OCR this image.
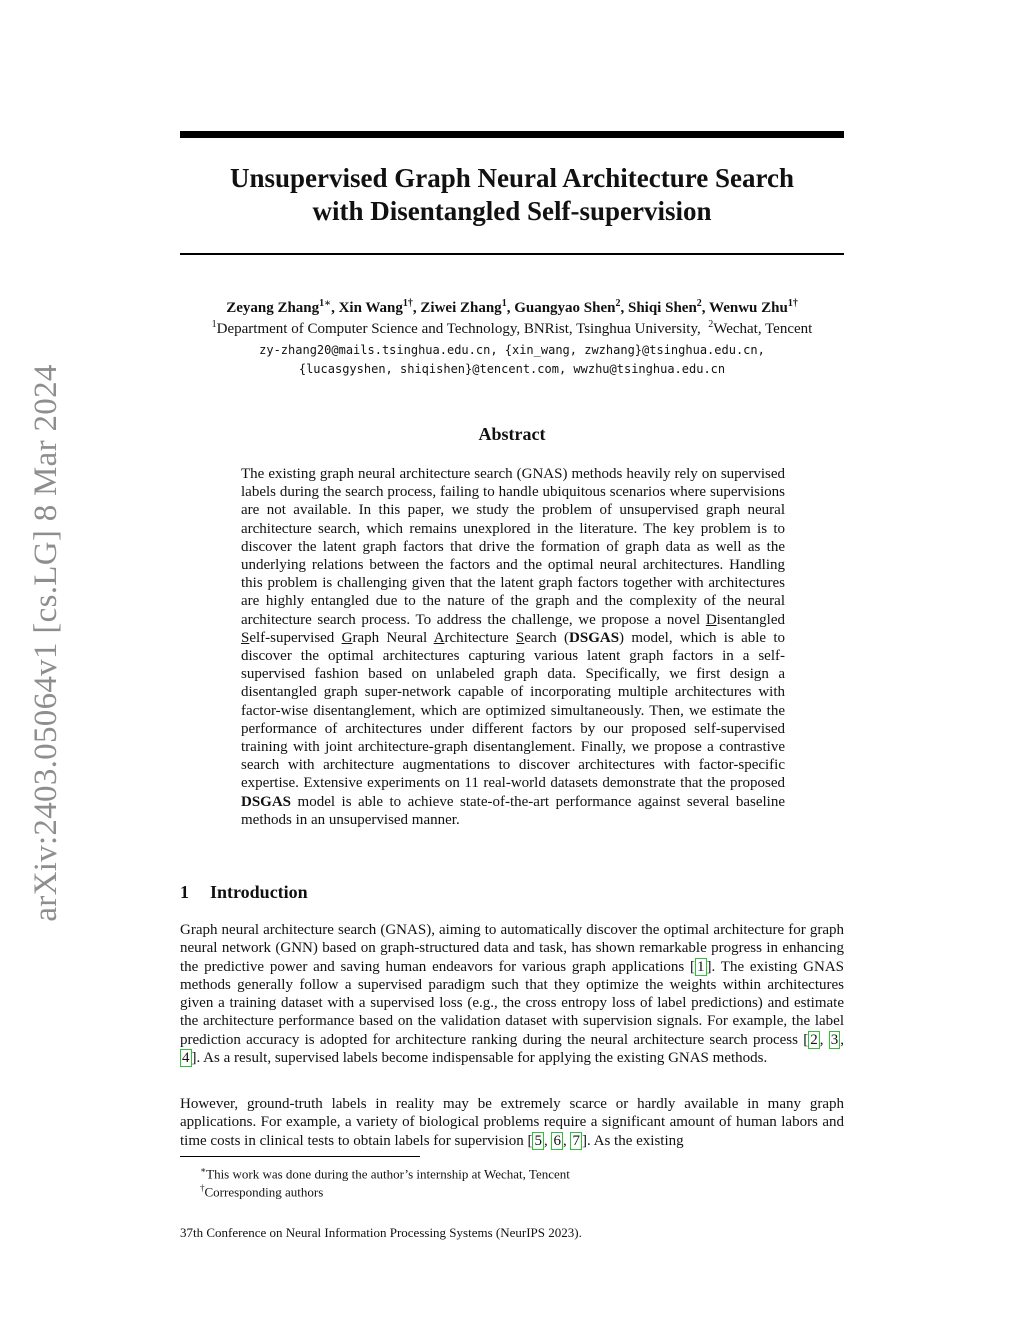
arXiv:2403.05064v1 [cs.LG] 8 Mar 2024
Unsupervised Graph Neural Architecture Search
with Disentangled Self-supervision
Zeyang Zhang$^{1∗}$, Xin Wang$^{1\dagger}$, Ziwei Zhang$^1$, Guangyao Shen$^2$, Shiqi Shen$^2$, Wenwu Zhu$^{1\dagger}$
$^1$Department of Computer Science and Technology, BNRist, Tsinghua University, $^2$Wechat, Tencent
zy-zhang20@mails.tsinghua.edu.cn, {xin_wang, zwzhang}@tsinghua.edu.cn,
{lucasgyshen, shiqishen}@tencent.com, wwzhu@tsinghua.edu.cn
Abstract
The existing graph neural architecture search (GNAS) methods heavily rely on supervised labels during the search process, failing to handle ubiquitous scenarios where supervisions are not available. In this paper, we study the problem of unsupervised graph neural architecture search, which remains unexplored in the literature. The key problem is to discover the latent graph factors that drive the formation of graph data as well as the underlying relations between the factors and the optimal neural architectures. Handling this problem is challenging given that the latent graph factors together with architectures are highly entangled due to the nature of the graph and the complexity of the neural architecture search process. To address the challenge, we propose a novel Disentangled Self-supervised Graph Neural Architecture Search (DSGAS) model, which is able to discover the optimal architectures capturing various latent graph factors in a self-supervised fashion based on unlabeled graph data. Specifically, we first design a disentangled graph super-network capable of incorporating multiple architectures with factor-wise disentanglement, which are optimized simultaneously. Then, we estimate the performance of architectures under different factors by our proposed self-supervised training with joint architecture-graph disentanglement. Finally, we propose a contrastive search with architecture augmentations to discover architectures with factor-specific expertise. Extensive experiments on 11 real-world datasets demonstrate that the proposed DSGAS model is able to achieve state-of-the-art performance against several baseline methods in an unsupervised manner.
1 Introduction
Graph neural architecture search (GNAS), aiming to automatically discover the optimal architecture for graph neural network (GNN) based on graph-structured data and task, has shown remarkable progress in enhancing the predictive power and saving human endeavors for various graph applications [ 1 ]. The existing GNAS methods generally follow a supervised paradigm such that they optimize the weights within architectures given a training dataset with a supervised loss (e.g., the cross entropy loss of label predictions) and estimate the architecture performance based on the validation dataset with supervision signals. For example, the label prediction accuracy is adopted for architecture ranking during the neural architecture search process [ 2 , 3 , 4 ]. As a result, supervised labels become indispensable for applying the existing GNAS methods.
However, ground-truth labels in reality may be extremely scarce or hardly available in many graph applications. For example, a variety of biological problems require a significant amount of human labors and time costs in clinical tests to obtain labels for supervision [ 5 , 6 , 7 ]. As the existing
∗This work was done during the author’s internship at Wechat, Tencent
†Corresponding authors
37th Conference on Neural Information Processing Systems (NeurIPS 2023).
